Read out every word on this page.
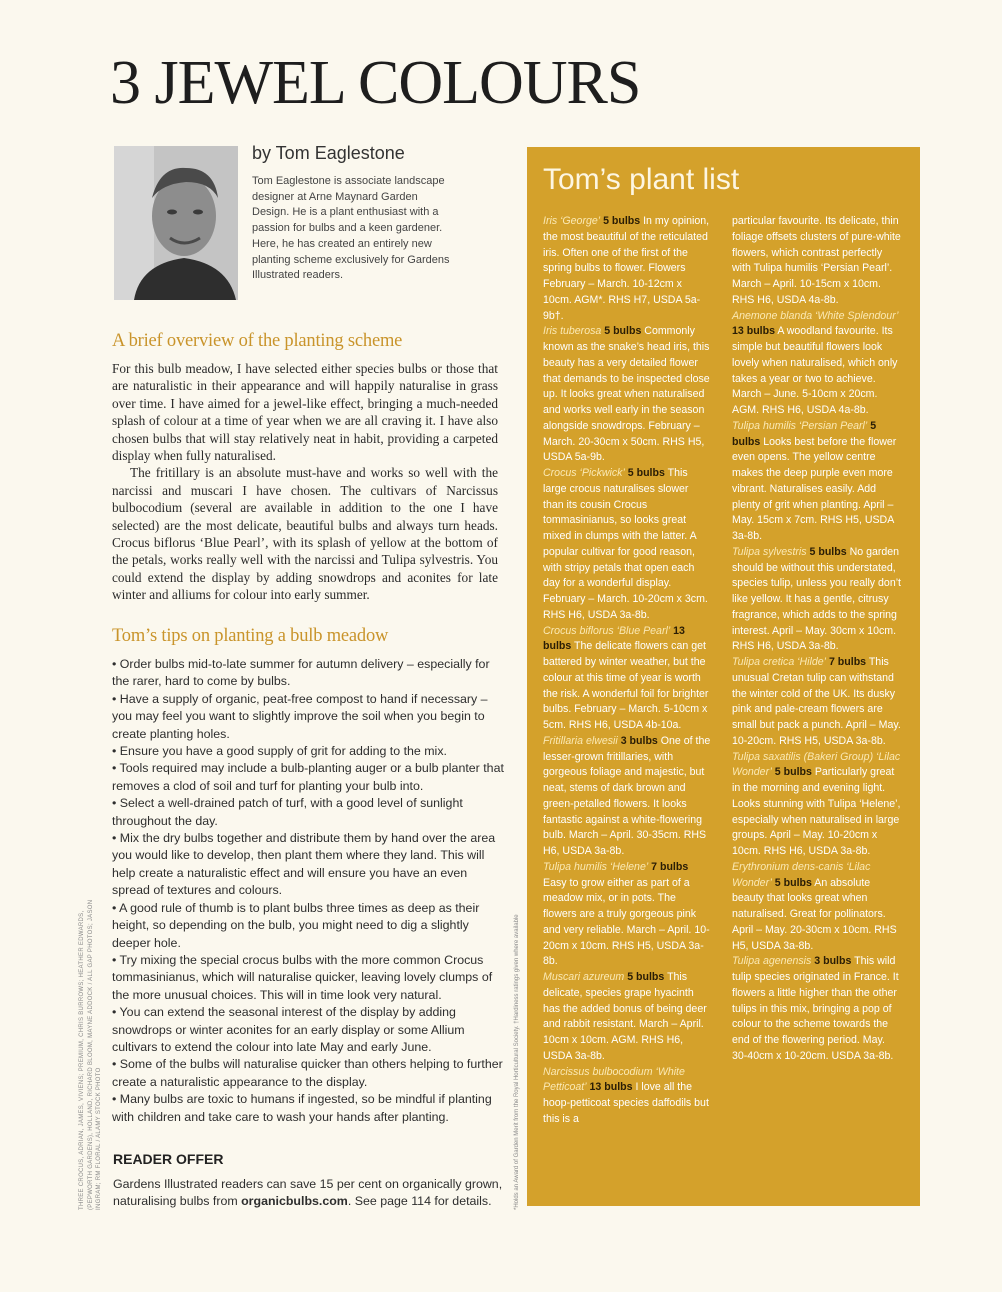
3 JEWEL COLOURS
by Tom Eaglestone

Tom Eaglestone is associate landscape designer at Arne Maynard Garden Design. He is a plant enthusiast with a passion for bulbs and a keen gardener. Here, he has created an entirely new planting scheme exclusively for Gardens Illustrated readers.

A brief overview of the planting scheme

For this bulb meadow, I have selected either species bulbs or those that are naturalistic in their appearance and will happily naturalise in grass over time. I have aimed for a jewel-like effect, bringing a much-needed splash of colour at a time of year when we are all craving it. I have also chosen bulbs that will stay relatively neat in habit, providing a carpeted display when fully naturalised.

The fritillary is an absolute must-have and works so well with the narcissi and muscari I have chosen. The cultivars of Narcissus bulbocodium (several are available in addition to the one I have selected) are the most delicate, beautiful bulbs and always turn heads. Crocus biflorus ‘Blue Pearl’, with its splash of yellow at the bottom of the petals, works really well with the narcissi and Tulipa sylvestris. You could extend the display by adding snowdrops and aconites for late winter and alliums for colour into early summer.

Tom’s tips on planting a bulb meadow

• Order bulbs mid-to-late summer for autumn delivery – especially for the rarer, hard to come by bulbs.

• Have a supply of organic, peat-free compost to hand if necessary – you may feel you want to slightly improve the soil when you begin to create planting holes.

• Ensure you have a good supply of grit for adding to the mix.

• Tools required may include a bulb-planting auger or a bulb planter that removes a clod of soil and turf for planting your bulb into.

• Select a well-drained patch of turf, with a good level of sunlight throughout the day.

• Mix the dry bulbs together and distribute them by hand over the area you would like to develop, then plant them where they land. This will help create a naturalistic effect and will ensure you have an even spread of textures and colours.

• A good rule of thumb is to plant bulbs three times as deep as their height, so depending on the bulb, you might need to dig a slightly deeper hole.

• Try mixing the special crocus bulbs with the more common Crocus tommasinianus, which will naturalise quicker, leaving lovely clumps of the more unusual choices. This will in time look very natural.

• You can extend the seasonal interest of the display by adding snowdrops or winter aconites for an early display or some Allium cultivars to extend the colour into late May and early June.

• Some of the bulbs will naturalise quicker than others helping to further create a naturalistic appearance to the display.

• Many bulbs are toxic to humans if ingested, so be mindful if planting with children and take care to wash your hands after planting.

READER OFFER

Gardens Illustrated readers can save 15 per cent on organically grown, naturalising bulbs from organicbulbs.com. See page 114 for details.

THREE CROCUS, ADRIAN, JAMES, VIVIENS; PREMIUM, CHRIS BURROWS; HEATHER EDWARDS, (PEPWORTH GARDENS), HOLLAND, RICHARD BLOOM, MAYNE ADDOCK / ALL GAP PHOTOS; JASON INGRAM; RM FLORAL / ALAMY STOCK PHOTO	*Holds an Award of Garden Merit from the Royal Horticultural Society. †Hardiness ratings given where available
Tom’s plant list

Iris ‘George’ 5 bulbs In my opinion, the most beautiful of the reticulated iris. Often one of the first of the spring bulbs to flower. Flowers February – March. 10-12cm x 10cm. AGM*. RHS H7, USDA 5a-9b†.

Iris tuberosa 5 bulbs Commonly known as the snake’s head iris, this beauty has a very detailed flower that demands to be inspected close up. It looks great when naturalised and works well early in the season alongside snowdrops. February – March. 20-30cm x 50cm. RHS H5, USDA 5a-9b.

Crocus ‘Pickwick’ 5 bulbs This large crocus naturalises slower than its cousin Crocus tommasinianus, so looks great mixed in clumps with the latter. A popular cultivar for good reason, with stripy petals that open each day for a wonderful display. February – March. 10-20cm x 3cm. RHS H6, USDA 3a-8b.

Crocus biflorus ‘Blue Pearl’ 13 bulbs The delicate flowers can get battered by winter weather, but the colour at this time of year is worth the risk. A wonderful foil for brighter bulbs. February – March. 5-10cm x 5cm. RHS H6, USDA 4b-10a.

Fritillaria elwesii 3 bulbs One of the lesser-grown fritillaries, with gorgeous foliage and majestic, but neat, stems of dark brown and green-petalled flowers. It looks fantastic against a white-flowering bulb. March – April. 30-35cm. RHS H6, USDA 3a-8b.

Tulipa humilis ‘Helene’ 7 bulbs Easy to grow either as part of a meadow mix, or in pots. The flowers are a truly gorgeous pink and very reliable. March – April. 10-20cm x 10cm. RHS H5, USDA 3a-8b.

Muscari azureum 5 bulbs This delicate, species grape hyacinth has the added bonus of being deer and rabbit resistant. March – April. 10cm x 10cm. AGM. RHS H6, USDA 3a-8b.

Narcissus bulbocodium ‘White Petticoat’ 13 bulbs I love all the hoop-petticoat species daffodils but this is a

particular favourite. Its delicate, thin foliage offsets clusters of pure-white flowers, which contrast perfectly with Tulipa humilis ‘Persian Pearl’. March – April. 10-15cm x 10cm. RHS H6, USDA 4a-8b.

Anemone blanda ‘White Splendour’ 13 bulbs A woodland favourite. Its simple but beautiful flowers look lovely when naturalised, which only takes a year or two to achieve. March – June. 5-10cm x 20cm. AGM. RHS H6, USDA 4a-8b.

Tulipa humilis ‘Persian Pearl’ 5 bulbs Looks best before the flower even opens. The yellow centre makes the deep purple even more vibrant. Naturalises easily. Add plenty of grit when planting. April – May. 15cm x 7cm. RHS H5, USDA 3a-8b.

Tulipa sylvestris 5 bulbs No garden should be without this understated, species tulip, unless you really don’t like yellow. It has a gentle, citrusy fragrance, which adds to the spring interest. April – May. 30cm x 10cm. RHS H6, USDA 3a-8b.

Tulipa cretica ‘Hilde’ 7 bulbs This unusual Cretan tulip can withstand the winter cold of the UK. Its dusky pink and pale-cream flowers are small but pack a punch. April – May. 10-20cm. RHS H5, USDA 3a-8b.

Tulipa saxatilis (Bakeri Group) ‘Lilac Wonder’ 5 bulbs Particularly great in the morning and evening light. Looks stunning with Tulipa ‘Helene’, especially when naturalised in large groups. April – May. 10-20cm x 10cm. RHS H6, USDA 3a-8b.

Erythronium dens-canis ‘Lilac Wonder’ 5 bulbs An absolute beauty that looks great when naturalised. Great for pollinators. April – May. 20-30cm x 10cm. RHS H5, USDA 3a-8b.

Tulipa agenensis 3 bulbs This wild tulip species originated in France. It flowers a little higher than the other tulips in this mix, bringing a pop of colour to the scheme towards the end of the flowering period. May. 30-40cm x 10-20cm. USDA 3a-8b.
